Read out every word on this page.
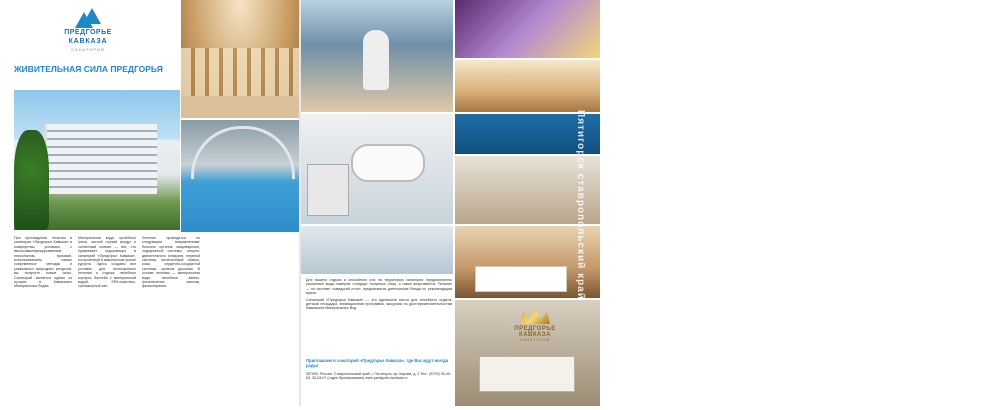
ПРЕДГОРЬЕ
КАВКАЗА
САНАТОРИЙ
ЖИВИТЕЛЬНАЯ СИЛА ПРЕДГОРЬЯ

При прохождении лечения в санатории «Предгорье Кавказа» в комфортных условиях, с высококвалифицированным персоналом, врачами, использованием самых современных методик и уникальных природных ресурсов, вы получите новые силы. Санаторий является одним из лучших в Кавказских Минеральных Водах.

Минеральная вода, целебные грязи, чистый горный воздух и солнечный климат — вот, что привлекает отдыхающих в санаторий «Предгорье Кавказа», построенный в живописном уголке курорта. Здесь созданы все условия для полноценного лечения и отдыха: лечебные корпуса, бассейн с минеральной водой, SPA-комплекс, тренажерный зал.

Лечение проводится по следующим направлениям: болезни органов пищеварения, эндокринной системы, опорно-двигательного аппарата, нервной системы, мочеполовой сферы, кожи, сердечно-сосудистой системы, органов дыхания. В основе лечения — минеральная вода, лечебные ванны, грязелечение, массаж, физиотерапия.

ПРЕДГОРЬЕ КАВКАЗА

Для вашего отдыха и спокойного сна на территории санатория предусмотрены различные виды номеров: стандарт, полулюкс, люкс, а также апартаменты. Питание — по системе «шведский стол», предлагаются диетические блюда по рекомендации врача.

Санаторий «Предгорье Кавказа» — это идеальное место для семейного отдыха: детская площадка, анимационная программа, экскурсии по достопримечательностям Кавказских Минеральных Вод.

Приглашаем в санаторий «Предгорье Кавказа», где Вас ждут всегда рады!
357500, Россия, Ставропольский край, г. Пятигорск, пр. Кирова, д. 2 Тел.: (8793) 39-40-63, 33-03-07 (отдел бронирования) www.predgorie-kavkaza.ru
ПРЕДГОРЬЕ КАВКАЗА
САНАТОРИЙ
Пятигорск ставропольский край
